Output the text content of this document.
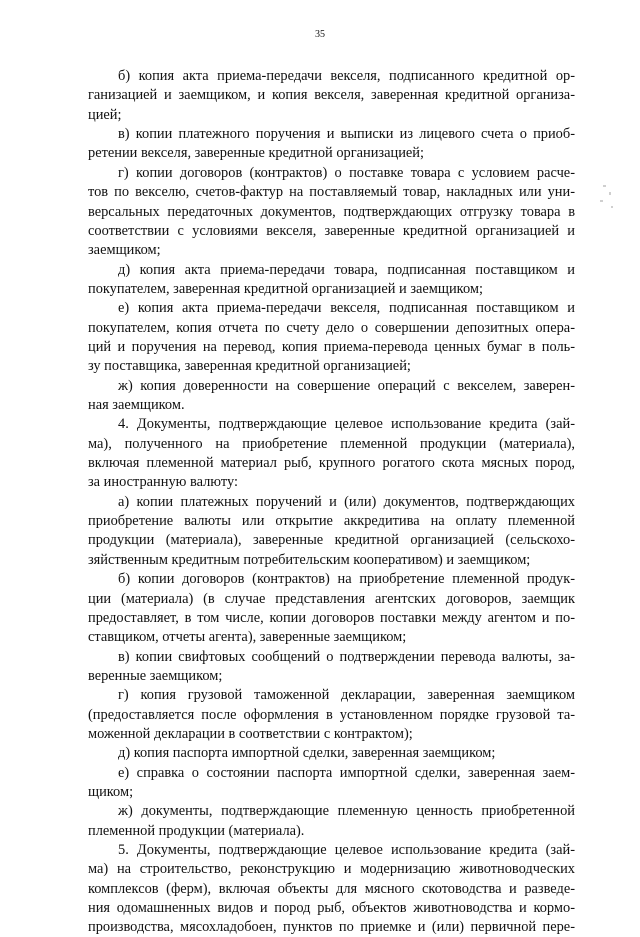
35
б) копия акта приема-передачи векселя, подписанного кредитной ор-
ганизацией и заемщиком, и копия векселя, заверенная кредитной организа-
цией;
в) копии платежного поручения и выписки из лицевого счета о приоб-
ретении векселя, заверенные кредитной организацией;
г) копии договоров (контрактов) о поставке товара с условием расче-
тов по векселю, счетов-фактур на поставляемый товар, накладных или уни-
версальных передаточных документов, подтверждающих отгрузку товара в
соответствии с условиями векселя, заверенные кредитной организацией и
заемщиком;
д) копия акта приема-передачи товара, подписанная поставщиком и
покупателем, заверенная кредитной организацией и заемщиком;
е) копия акта приема-передачи векселя, подписанная поставщиком и
покупателем, копия отчета по счету дело о совершении депозитных опера-
ций и поручения на перевод, копия приема-перевода ценных бумаг в поль-
зу поставщика, заверенная кредитной организацией;
ж) копия доверенности на совершение операций с векселем, заверен-
ная заемщиком.
4. Документы, подтверждающие целевое использование кредита (зай-
ма), полученного на приобретение племенной продукции (материала),
включая племенной материал рыб, крупного рогатого скота мясных пород,
за иностранную валюту:
а) копии платежных поручений и (или) документов, подтверждающих
приобретение валюты или открытие аккредитива на оплату племенной
продукции (материала), заверенные кредитной организацией (сельскохо-
зяйственным кредитным потребительским кооперативом) и заемщиком;
б) копии договоров (контрактов) на приобретение племенной продук-
ции (материала) (в случае представления агентских договоров, заемщик
предоставляет, в том числе, копии договоров поставки между агентом и по-
ставщиком, отчеты агента), заверенные заемщиком;
в) копии свифтовых сообщений о подтверждении перевода валюты, за-
веренные заемщиком;
г) копия грузовой таможенной декларации, заверенная заемщиком
(предоставляется после оформления в установленном порядке грузовой та-
моженной декларации в соответствии с контрактом);
д) копия паспорта импортной сделки, заверенная заемщиком;
е) справка о состоянии паспорта импортной сделки, заверенная заем-
щиком;
ж) документы, подтверждающие племенную ценность приобретенной
племенной продукции (материала).
5. Документы, подтверждающие целевое использование кредита (зай-
ма) на строительство, реконструкцию и модернизацию животноводческих
комплексов (ферм), включая объекты для мясного скотоводства и разведе-
ния одомашненных видов и пород рыб, объектов животноводства и кормо-
производства, мясохладобоен, пунктов по приемке и (или) первичной пере-
